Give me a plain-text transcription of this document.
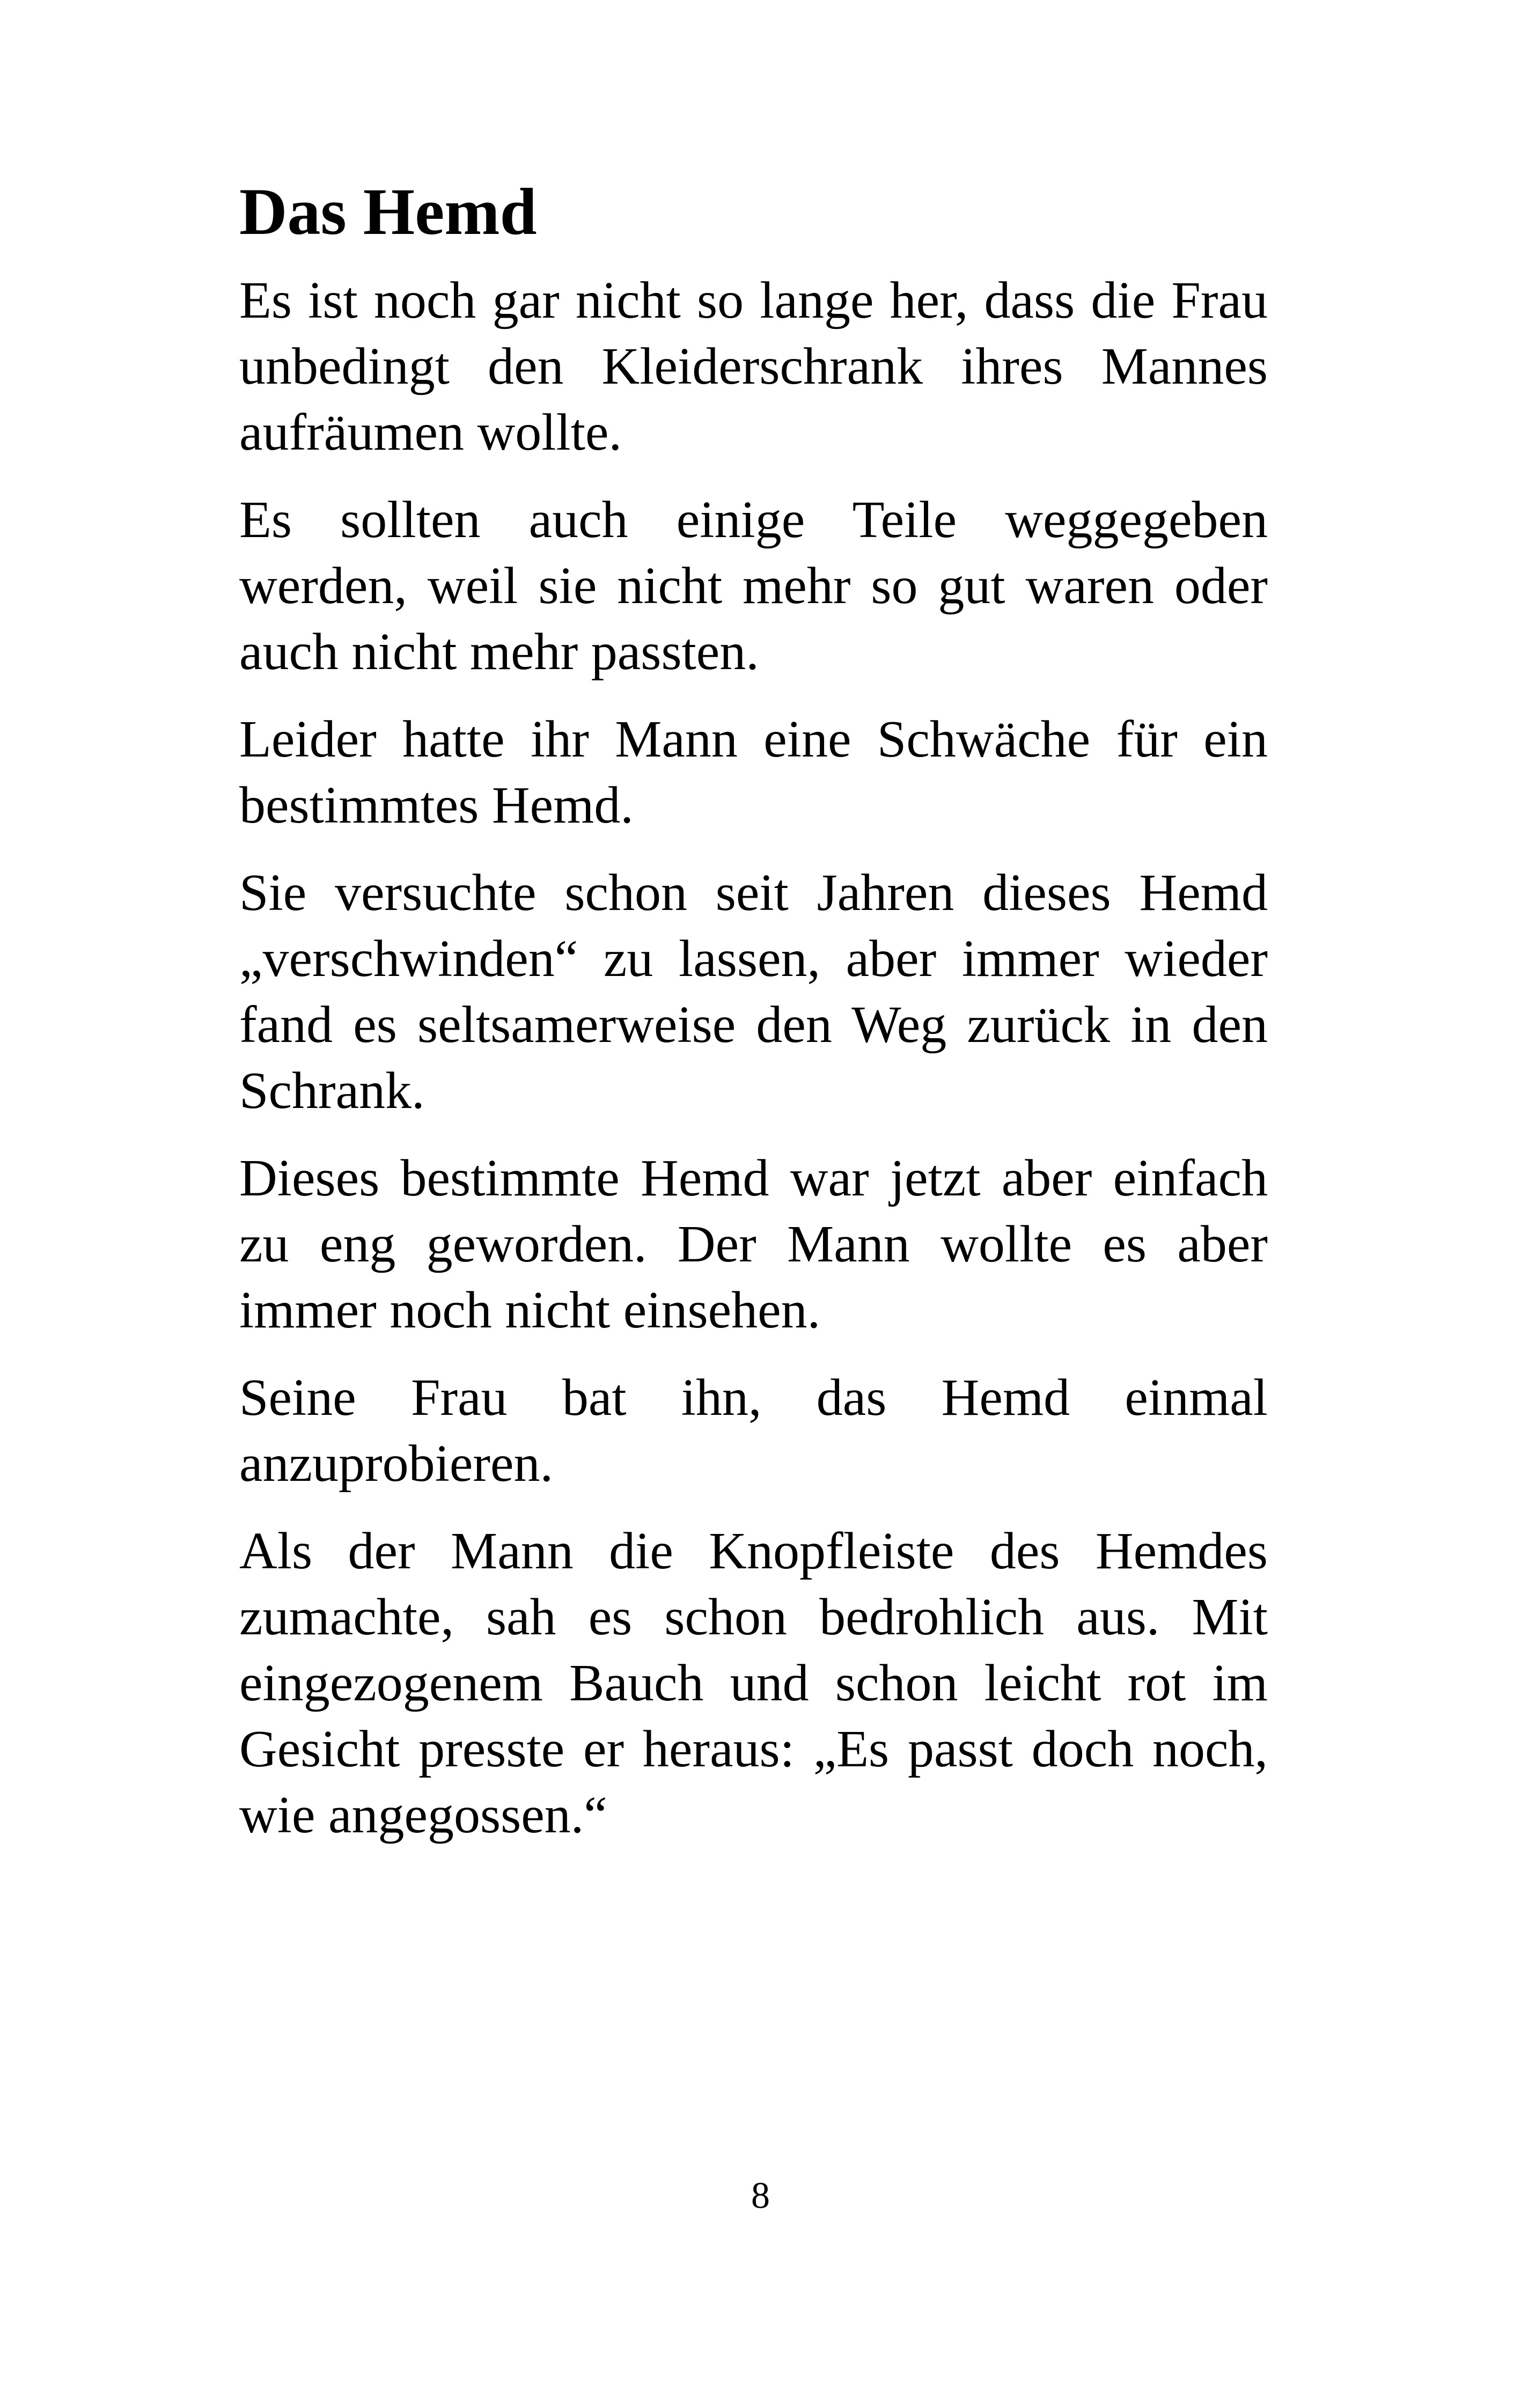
Das Hemd

Es ist noch gar nicht so lange her, dass die Frau unbedingt den Kleiderschrank ihres Mannes aufräumen wollte.

Es sollten auch einige Teile weggegeben werden, weil sie nicht mehr so gut waren oder auch nicht mehr passten.

Leider hatte ihr Mann eine Schwäche für ein bestimmtes Hemd.

Sie versuchte schon seit Jahren dieses Hemd „verschwinden“ zu lassen, aber immer wieder fand es seltsamerweise den Weg zurück in den Schrank.

Dieses bestimmte Hemd war jetzt aber einfach zu eng geworden. Der Mann wollte es aber immer noch nicht einsehen.

Seine Frau bat ihn, das Hemd einmal anzuprobieren.

Als der Mann die Knopfleiste des Hemdes zumachte, sah es schon bedrohlich aus. Mit eingezogenem Bauch und schon leicht rot im Gesicht presste er heraus: „Es passt doch noch, wie angegossen.“

8
